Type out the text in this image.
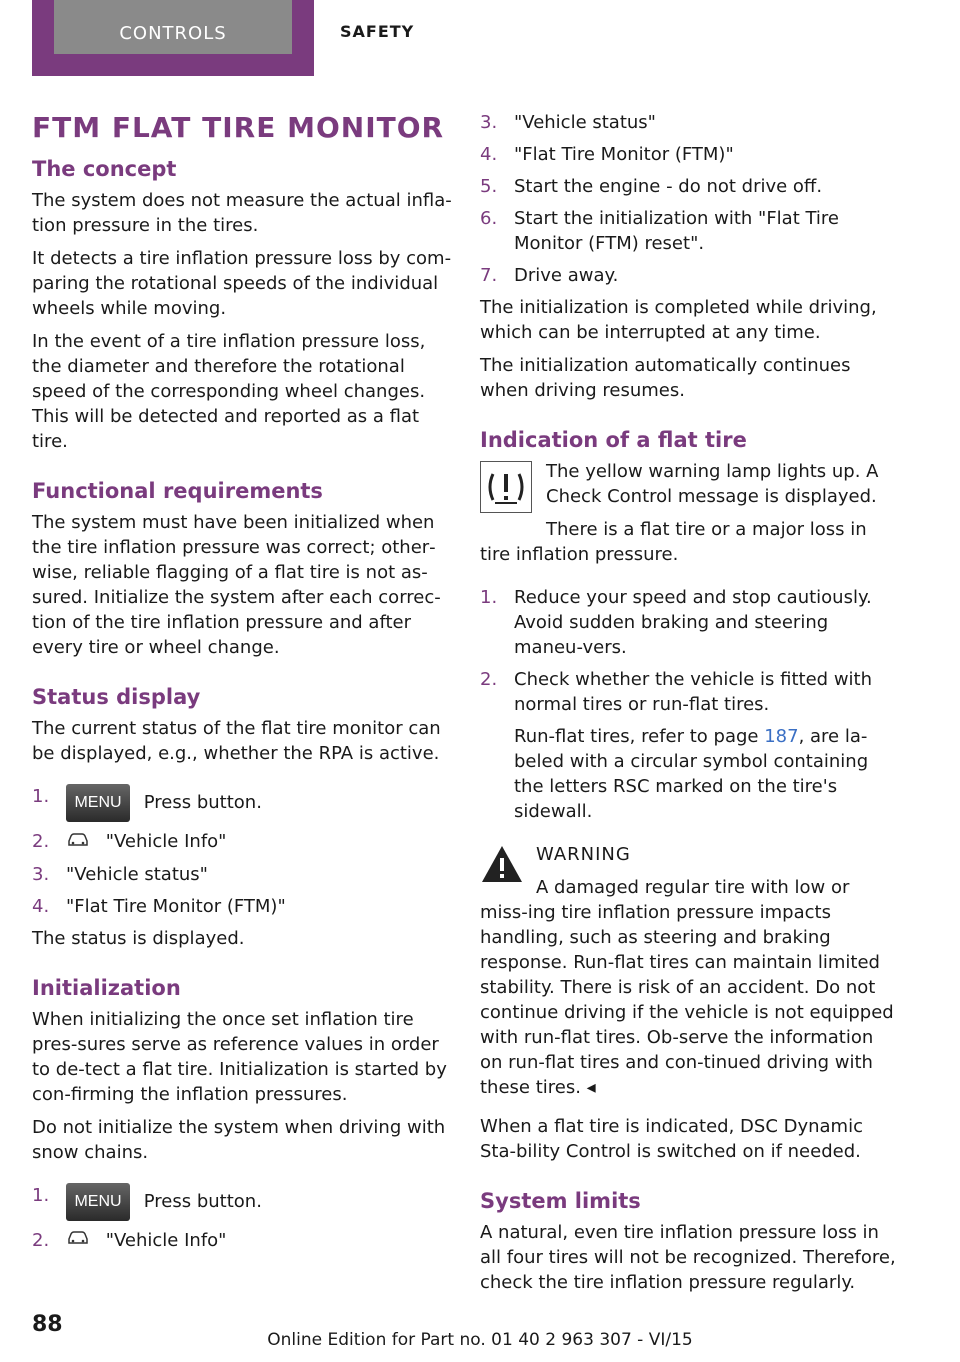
CONTROLS	SAFETY
FTM FLAT TIRE MONITOR
The concept

The system does not measure the actual infla‐tion pressure in the tires.

It detects a tire inflation pressure loss by com‐paring the rotational speeds of the individual wheels while moving.

In the event of a tire inflation pressure loss, the diameter and therefore the rotational speed of the corresponding wheel changes. This will be detected and reported as a flat tire.

Functional requirements

The system must have been initialized when the tire inflation pressure was correct; other‐wise, reliable flagging of a flat tire is not as‐sured. Initialize the system after each correc‐tion of the tire inflation pressure and after every tire or wheel change.

Status display

The current status of the flat tire monitor can be displayed, e.g., whether the RPA is active.

1. MENU Press button.
2.	"Vehicle Info"
3. "Vehicle status"
4. "Flat Tire Monitor (FTM)"

The status is displayed.

Initialization

When initializing the once set inflation tire pres‐sures serve as reference values in order to de‐tect a flat tire. Initialization is started by con‐firming the inflation pressures.

Do not initialize the system when driving with snow chains.

1. MENU Press button.
2.	"Vehicle Info"
3. "Vehicle status"
4. "Flat Tire Monitor (FTM)"
5. Start the engine - do not drive off.
6. Start the initialization with "Flat Tire Monitor (FTM) reset".
7. Drive away.

The initialization is completed while driving, which can be interrupted at any time.

The initialization automatically continues when driving resumes.

Indication of a flat tire

The yellow warning lamp lights up. A Check Control message is displayed.

There is a flat tire or a major loss in tire inflation pressure.

1. Reduce your speed and stop cautiously. Avoid sudden braking and steering maneu‐vers.
2. Check whether the vehicle is fitted with normal tires or run-flat tires.

Run-flat tires, refer to page 187, are la‐beled with a circular symbol containing the letters RSC marked on the tire's sidewall.

WARNING

A damaged regular tire with low or miss‐ing tire inflation pressure impacts handling, such as steering and braking response. Run-flat tires can maintain limited stability. There is risk of an accident. Do not continue driving if the vehicle is not equipped with run-flat tires. Ob‐serve the information on run-flat tires and con‐tinued driving with these tires. ◂

When a flat tire is indicated, DSC Dynamic Sta‐bility Control is switched on if needed.

System limits

A natural, even tire inflation pressure loss in all four tires will not be recognized. Therefore, check the tire inflation pressure regularly.

88
Online Edition for Part no. 01 40 2 963 307 - VI/15
